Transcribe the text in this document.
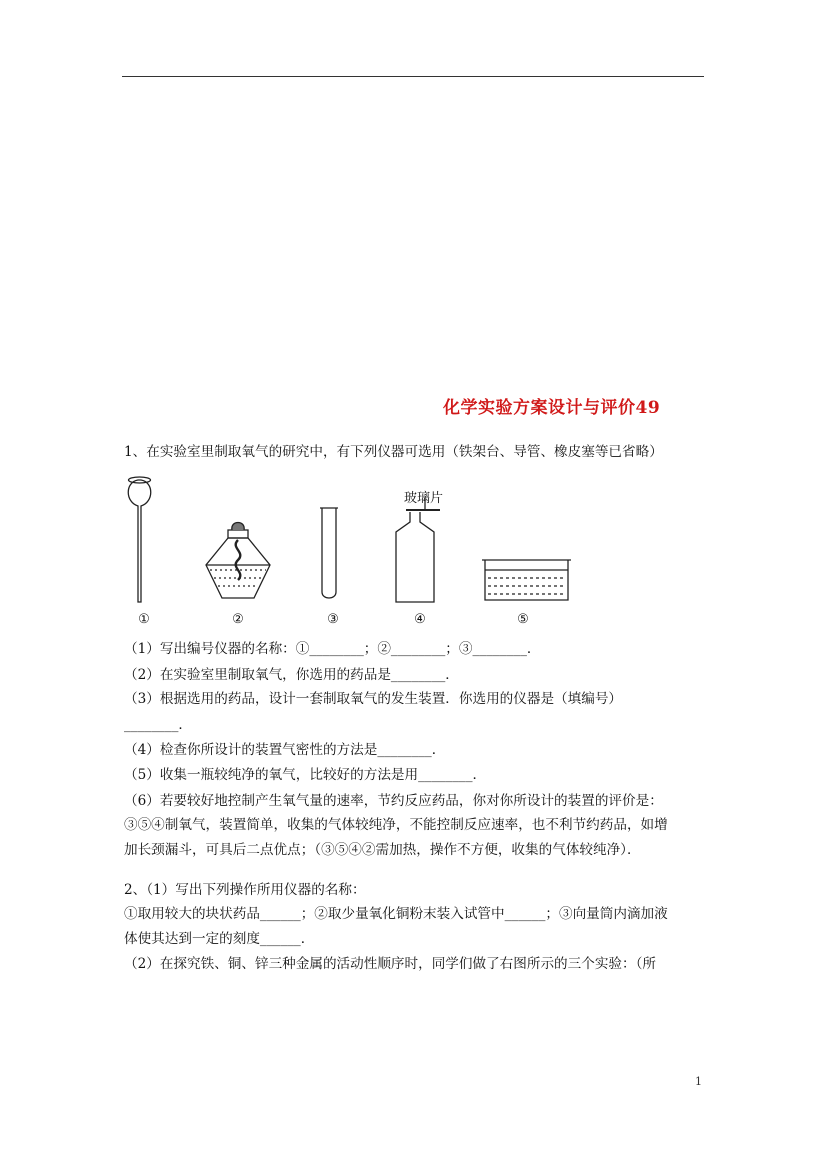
化学实验方案设计与评价49
1、在实验室里制取氧气的研究中，有下列仪器可选用（铁架台、导管、橡皮塞等已省略）
玻璃片
①	②	③	④	⑤
（1）写出编号仪器的名称：①________；②________；③________．
（2）在实验室里制取氧气，你选用的药品是________．
（3）根据选用的药品，设计一套制取氧气的发生装置．你选用的仪器是（填编号）
________．
（4）检查你所设计的装置气密性的方法是________．
（5）收集一瓶较纯净的氧气，比较好的方法是用________．
（6）若要较好地控制产生氧气量的速率，节约反应药品，你对你所设计的装置的评价是：
③⑤④制氧气，装置简单，收集的气体较纯净，不能控制反应速率，也不利节约药品，如增
加长颈漏斗，可具后二点优点；（③⑤④②需加热，操作不方便，收集的气体较纯净）．
2、（1）写出下列操作所用仪器的名称：
①取用较大的块状药品______；②取少量氧化铜粉末装入试管中______；③向量筒内滴加液
体使其达到一定的刻度______．
（2）在探究铁、铜、锌三种金属的活动性顺序时，同学们做了右图所示的三个实验：（所
1
